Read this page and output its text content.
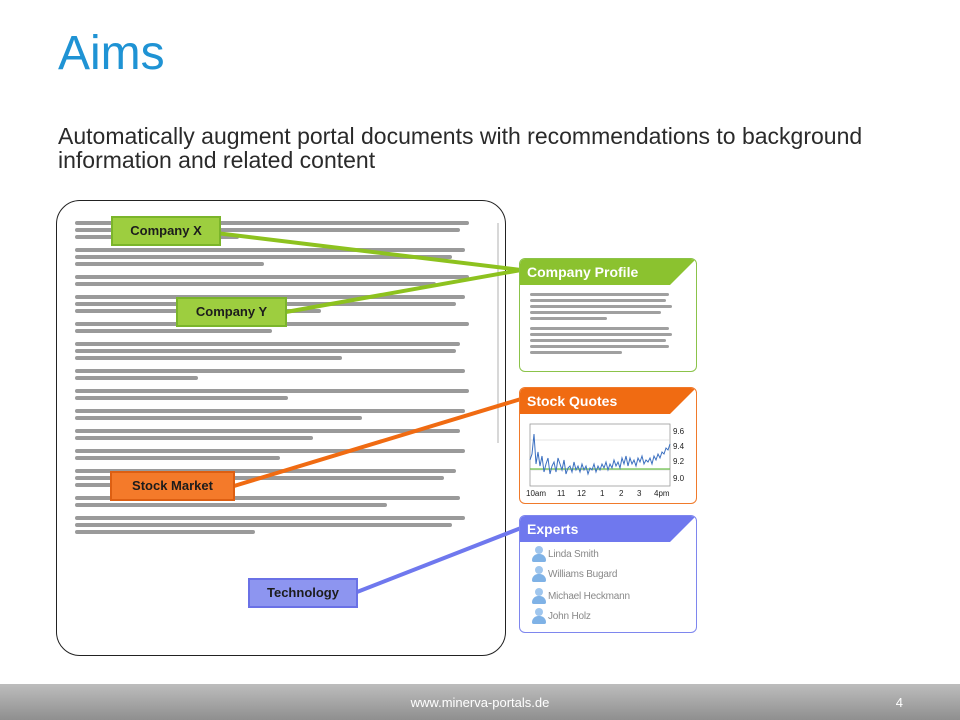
Aims

Automatically augment portal documents with recommendations to background information and related content

Company X
Company Y
Stock Market
Technology
Company Profile
Stock Quotes
9.6
9.4
9.2
9.0
10am 11 12 1 2 3 4pm
Experts
Linda Smith
Williams Bugard
Michael Heckmann
John Holz
www.minerva-portals.de	4
